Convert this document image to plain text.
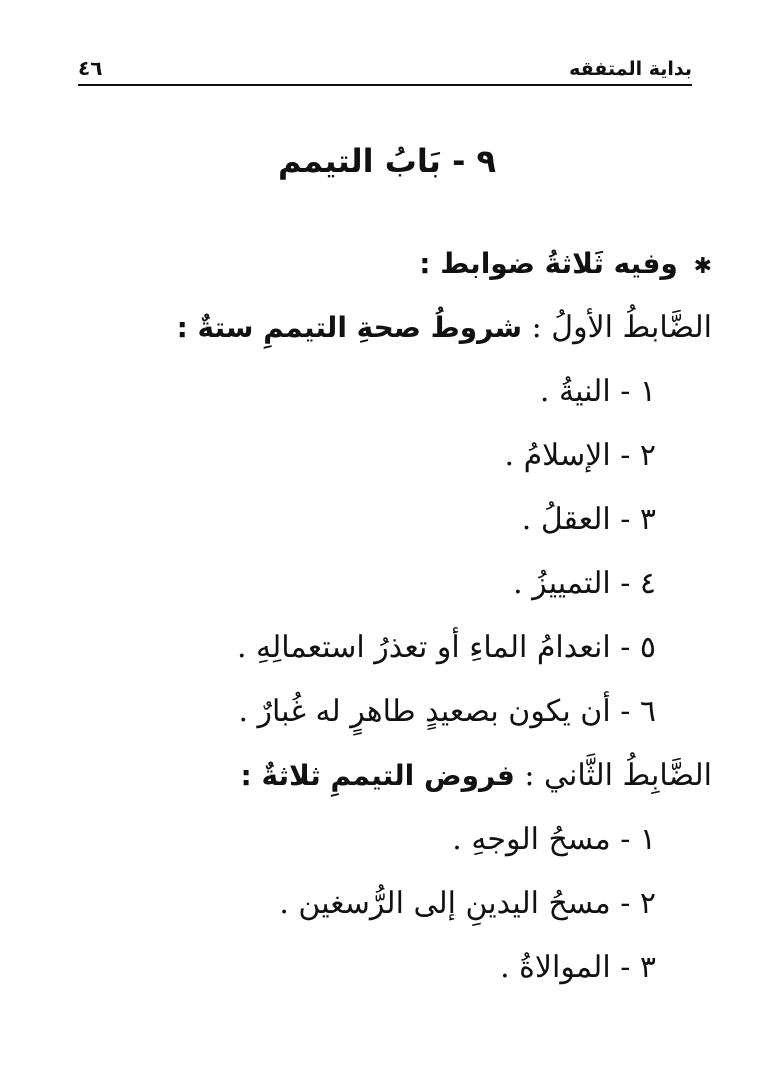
بداية المتفقه
٤٦
٩ - بَابُ التيمم
✱ وفيه ثَلاثةُ ضوابط :
الضَّابطُ الأولُ : شروطُ صحةِ التيممِ ستةٌ :
١ - النيةُ .
٢ - الإسلامُ .
٣ - العقلُ .
٤ - التمييزُ .
٥ - انعدامُ الماءِ أو تعذرُ استعمالِهِ .
٦ - أن يكون بصعيدٍ طاهرٍ له غُبارٌ .
الضَّابِطُ الثَّاني : فروض التيممِ ثلاثةٌ :
١ - مسحُ الوجهِ .
٢ - مسحُ اليدينِ إلى الرُّسغين .
٣ - الموالاةُ .
